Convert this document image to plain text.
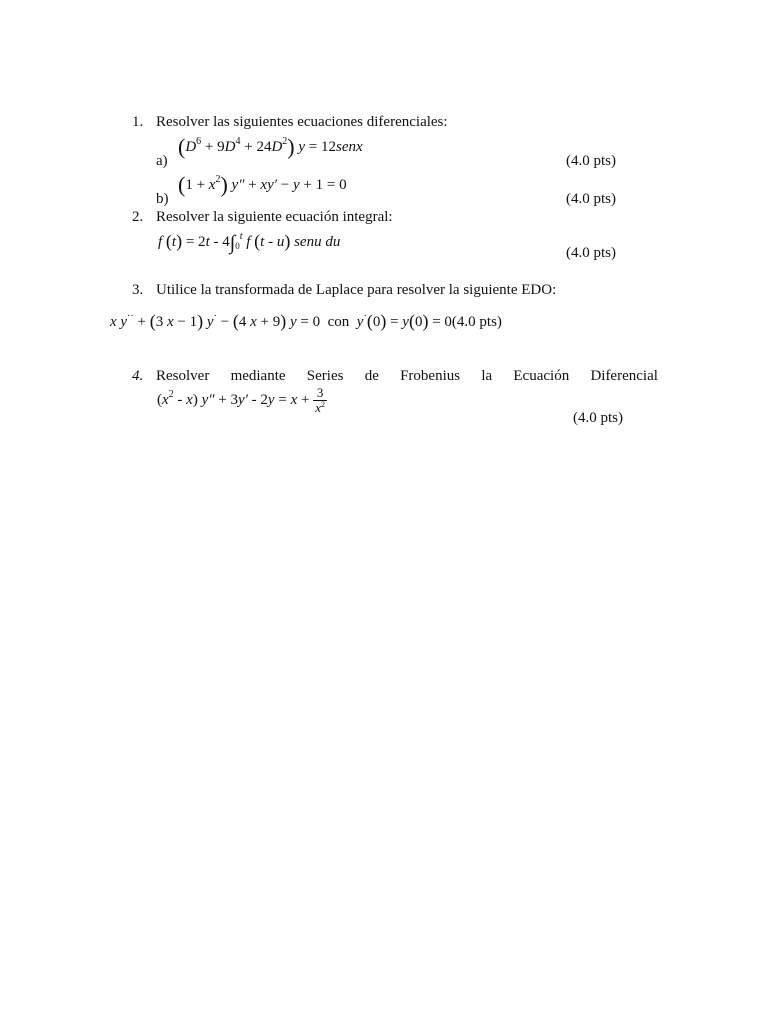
1. Resolver las siguientes ecuaciones diferenciales:
$(D^6 + 9D^4 + 24D^2) y$ = 12senx
a)	(4.0 pts)
$(1 + x^2)$ y″ + xy′ − y + 1 = 0
b)	(4.0 pts)
2. Resolver la siguiente ecuación integral:
f $(t) = 2t - 4\int_0^t$ f (t - u) senu du
(4.0 pts)
3. Utilice la transformada de Laplace para resolver la siguiente EDO:
x y·· + (3 x − 1) y· − (4 x + 9) y = 0  con y·(0) = y(0) = 0(4.0 pts)
4. Resolver mediante Series de Frobenius la Ecuación Diferencial
$(x^2 - x) y'' + 3y' - 2y = x + \frac{3}{x^2}$
(4.0 pts)
